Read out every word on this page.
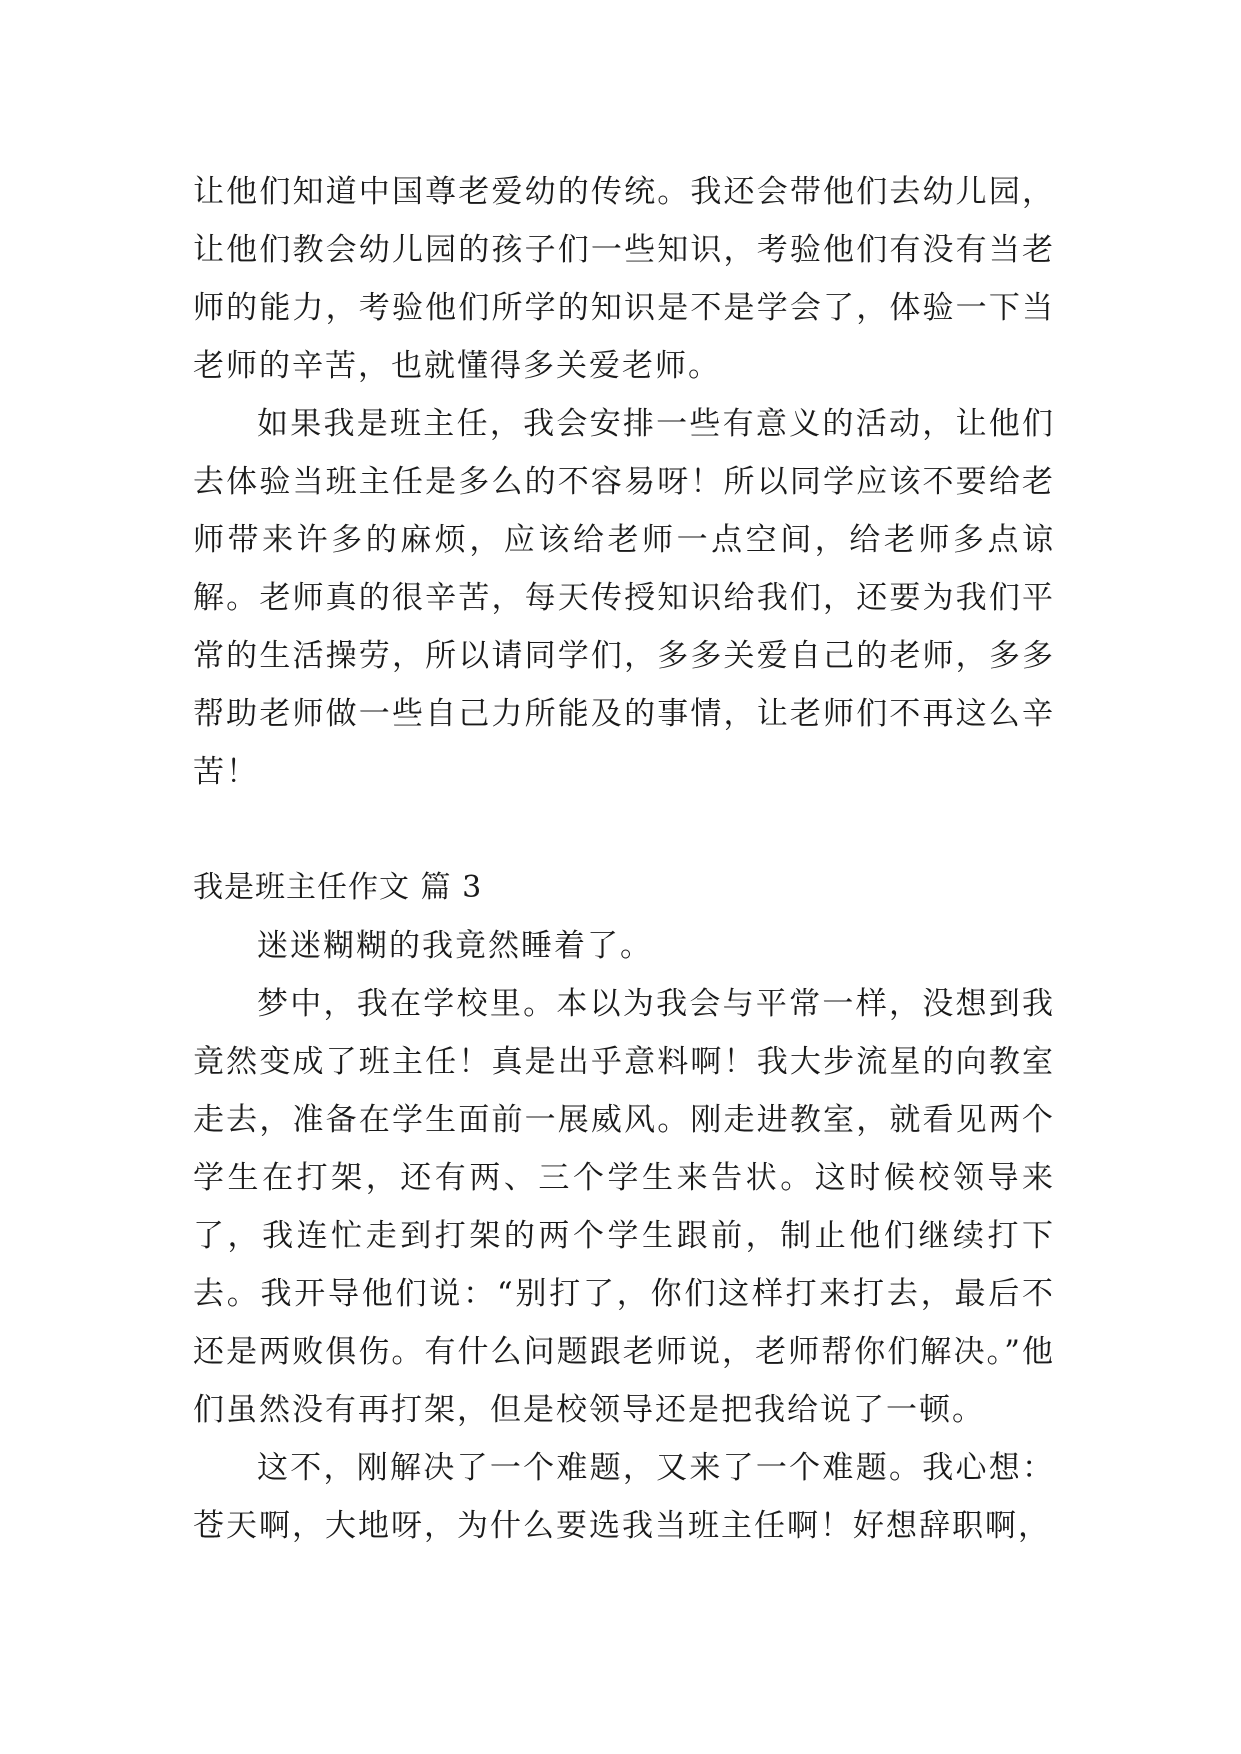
让他们知道中国尊老爱幼的传统。我还会带他们去幼儿园，让他们教会幼儿园的孩子们一些知识，考验他们有没有当老师的能力，考验他们所学的知识是不是学会了，体验一下当老师的辛苦，也就懂得多关爱老师。

如果我是班主任，我会安排一些有意义的活动，让他们去体验当班主任是多么的不容易呀！所以同学应该不要给老师带来许多的麻烦，应该给老师一点空间，给老师多点谅解。老师真的很辛苦，每天传授知识给我们，还要为我们平常的生活操劳，所以请同学们，多多关爱自己的老师，多多帮助老师做一些自己力所能及的事情，让老师们不再这么辛苦！

我是班主任作文 篇 3

迷迷糊糊的我竟然睡着了。

梦中，我在学校里。本以为我会与平常一样，没想到我竟然变成了班主任！真是出乎意料啊！我大步流星的向教室走去，准备在学生面前一展威风。刚走进教室，就看见两个学生在打架，还有两、三个学生来告状。这时候校领导来了，我连忙走到打架的两个学生跟前，制止他们继续打下去。我开导他们说：“别打了，你们这样打来打去，最后不还是两败俱伤。有什么问题跟老师说，老师帮你们解决。”他们虽然没有再打架，但是校领导还是把我给说了一顿。

这不，刚解决了一个难题，又来了一个难题。我心想：苍天啊，大地呀，为什么要选我当班主任啊！好想辞职啊，
